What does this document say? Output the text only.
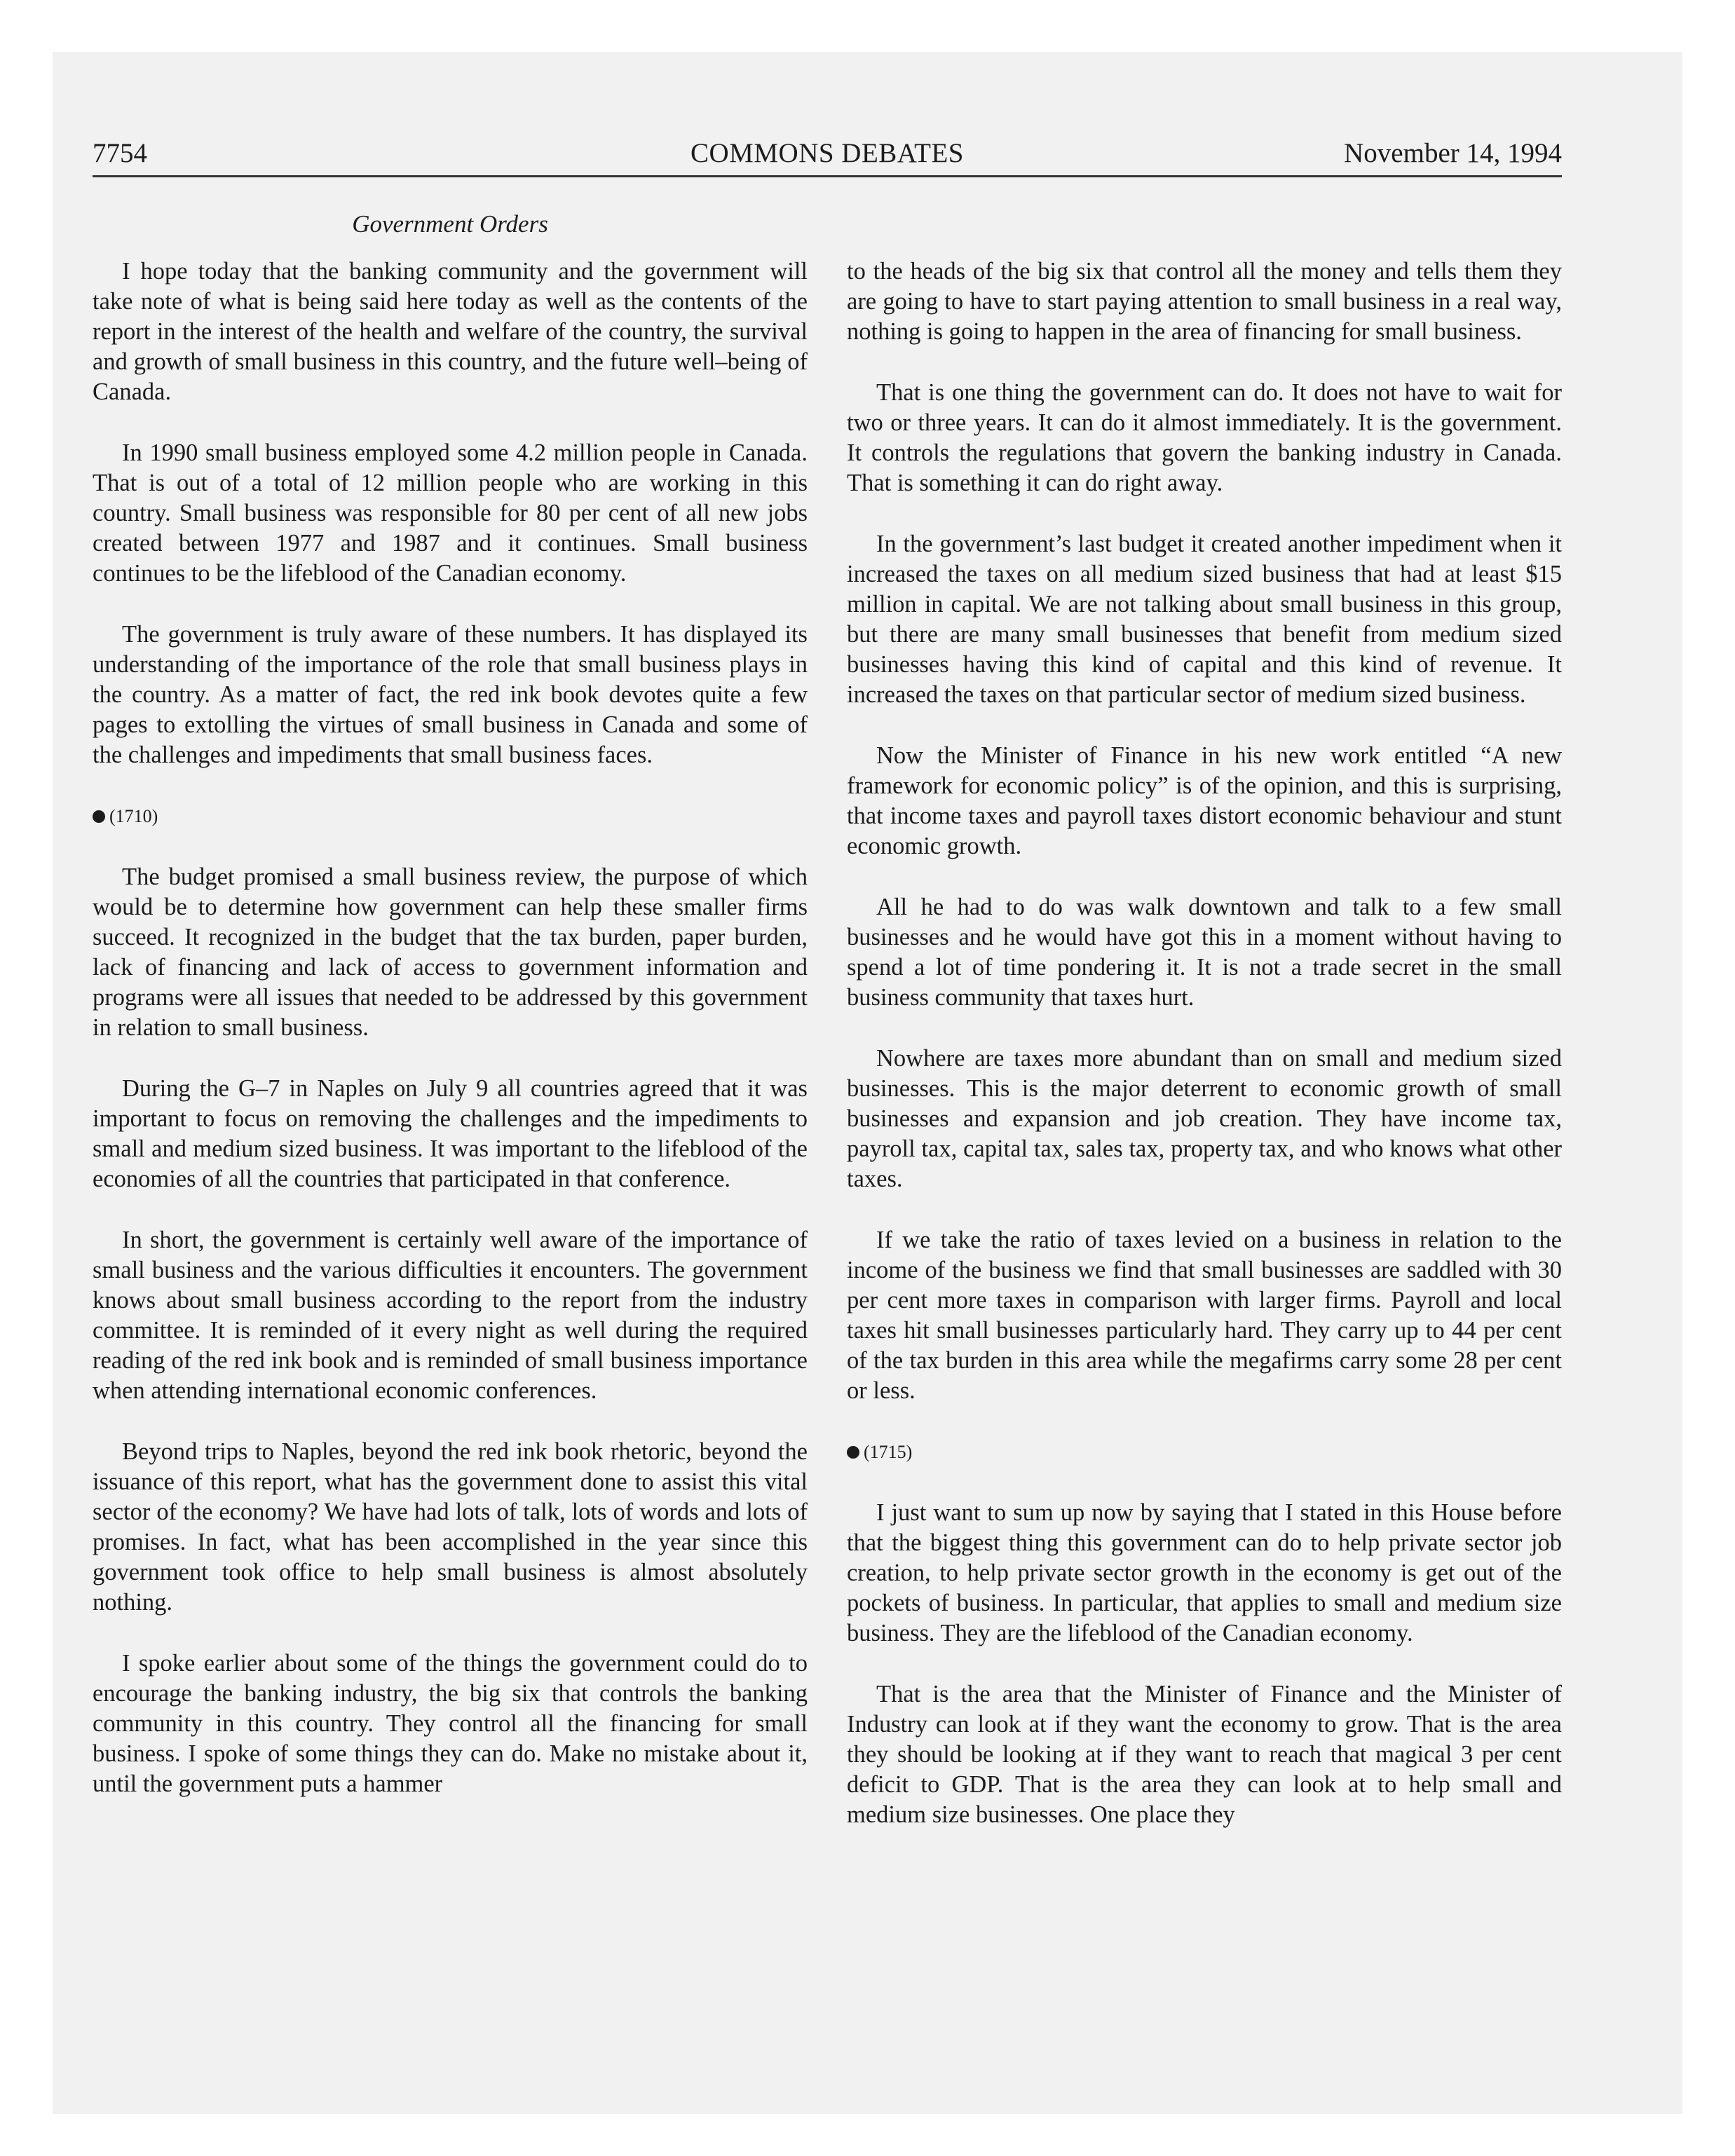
7754	COMMONS DEBATES	November 14, 1994
Government Orders

I hope today that the banking community and the government will take note of what is being said here today as well as the contents of the report in the interest of the health and welfare of the country, the survival and growth of small business in this country, and the future well–being of Canada.

In 1990 small business employed some 4.2 million people in Canada. That is out of a total of 12 million people who are working in this country. Small business was responsible for 80 per cent of all new jobs created between 1977 and 1987 and it continues. Small business continues to be the lifeblood of the Canadian economy.

The government is truly aware of these numbers. It has displayed its understanding of the importance of the role that small business plays in the country. As a matter of fact, the red ink book devotes quite a few pages to extolling the virtues of small business in Canada and some of the challenges and impediments that small business faces.

(1710)

The budget promised a small business review, the purpose of which would be to determine how government can help these smaller firms succeed. It recognized in the budget that the tax burden, paper burden, lack of financing and lack of access to government information and programs were all issues that needed to be addressed by this government in relation to small business.

During the G–7 in Naples on July 9 all countries agreed that it was important to focus on removing the challenges and the impediments to small and medium sized business. It was important to the lifeblood of the economies of all the countries that participated in that conference.

In short, the government is certainly well aware of the importance of small business and the various difficulties it encounters. The government knows about small business according to the report from the industry committee. It is reminded of it every night as well during the required reading of the red ink book and is reminded of small business importance when attending international economic conferences.

Beyond trips to Naples, beyond the red ink book rhetoric, beyond the issuance of this report, what has the government done to assist this vital sector of the economy? We have had lots of talk, lots of words and lots of promises. In fact, what has been accomplished in the year since this government took office to help small business is almost absolutely nothing.

I spoke earlier about some of the things the government could do to encourage the banking industry, the big six that controls the banking community in this country. They control all the financing for small business. I spoke of some things they can do. Make no mistake about it, until the government puts a hammer

to the heads of the big six that control all the money and tells them they are going to have to start paying attention to small business in a real way, nothing is going to happen in the area of financing for small business.

That is one thing the government can do. It does not have to wait for two or three years. It can do it almost immediately. It is the government. It controls the regulations that govern the banking industry in Canada. That is something it can do right away.

In the government’s last budget it created another impediment when it increased the taxes on all medium sized business that had at least $15 million in capital. We are not talking about small business in this group, but there are many small businesses that benefit from medium sized businesses having this kind of capital and this kind of revenue. It increased the taxes on that particular sector of medium sized business.

Now the Minister of Finance in his new work entitled “A new framework for economic policy” is of the opinion, and this is surprising, that income taxes and payroll taxes distort economic behaviour and stunt economic growth.

All he had to do was walk downtown and talk to a few small businesses and he would have got this in a moment without having to spend a lot of time pondering it. It is not a trade secret in the small business community that taxes hurt.

Nowhere are taxes more abundant than on small and medium sized businesses. This is the major deterrent to economic growth of small businesses and expansion and job creation. They have income tax, payroll tax, capital tax, sales tax, property tax, and who knows what other taxes.

If we take the ratio of taxes levied on a business in relation to the income of the business we find that small businesses are saddled with 30 per cent more taxes in comparison with larger firms. Payroll and local taxes hit small businesses particularly hard. They carry up to 44 per cent of the tax burden in this area while the megafirms carry some 28 per cent or less.

(1715)

I just want to sum up now by saying that I stated in this House before that the biggest thing this government can do to help private sector job creation, to help private sector growth in the economy is get out of the pockets of business. In particular, that applies to small and medium size business. They are the lifeblood of the Canadian economy.

That is the area that the Minister of Finance and the Minister of Industry can look at if they want the economy to grow. That is the area they should be looking at if they want to reach that magical 3 per cent deficit to GDP. That is the area they can look at to help small and medium size businesses. One place they
